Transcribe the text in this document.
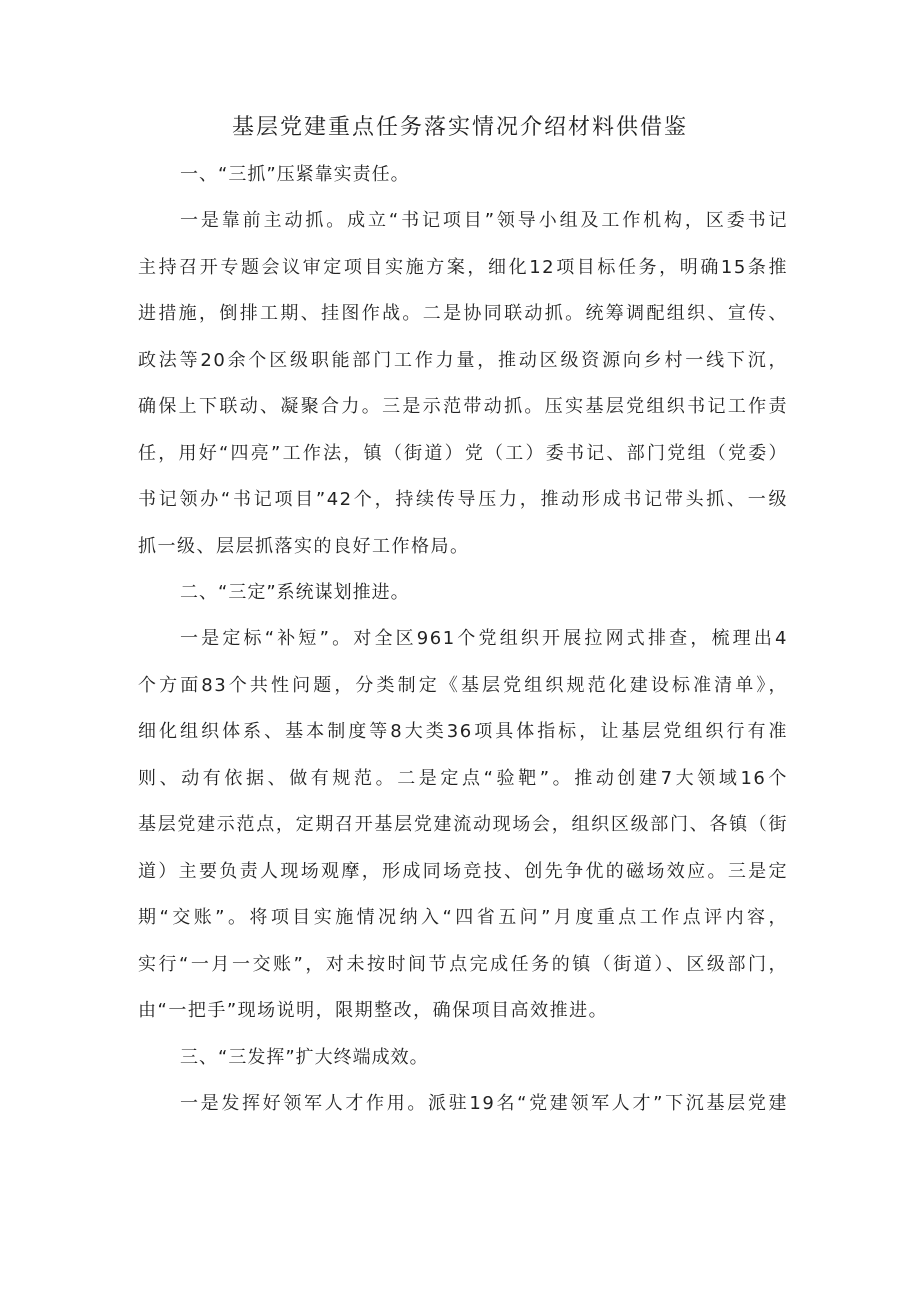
基层党建重点任务落实情况介绍材料供借鉴
一、“三抓”压紧靠实责任。
一是靠前主动抓。成立“书记项目”领导小组及工作机构，区委书记
主持召开专题会议审定项目实施方案，细化12项目标任务，明确15条推
进措施，倒排工期、挂图作战。二是协同联动抓。统筹调配组织、宣传、
政法等20余个区级职能部门工作力量，推动区级资源向乡村一线下沉，
确保上下联动、凝聚合力。三是示范带动抓。压实基层党组织书记工作责
任，用好“四亮”工作法，镇（街道）党（工）委书记、部门党组（党委）
书记领办“书记项目”42个，持续传导压力，推动形成书记带头抓、一级
抓一级、层层抓落实的良好工作格局。
二、“三定”系统谋划推进。
一是定标“补短”。对全区961个党组织开展拉网式排查，梳理出4
个方面83个共性问题，分类制定《基层党组织规范化建设标准清单》，
细化组织体系、基本制度等8大类36项具体指标，让基层党组织行有准
则、动有依据、做有规范。二是定点“验靶”。推动创建7大领域16个
基层党建示范点，定期召开基层党建流动现场会，组织区级部门、各镇（街
道）主要负责人现场观摩，形成同场竞技、创先争优的磁场效应。三是定
期“交账”。将项目实施情况纳入“四省五问”月度重点工作点评内容，
实行“一月一交账”，对未按时间节点完成任务的镇（街道）、区级部门，
由“一把手”现场说明，限期整改，确保项目高效推进。
三、“三发挥”扩大终端成效。
一是发挥好领军人才作用。派驻19名“党建领军人才”下沉基层党建
